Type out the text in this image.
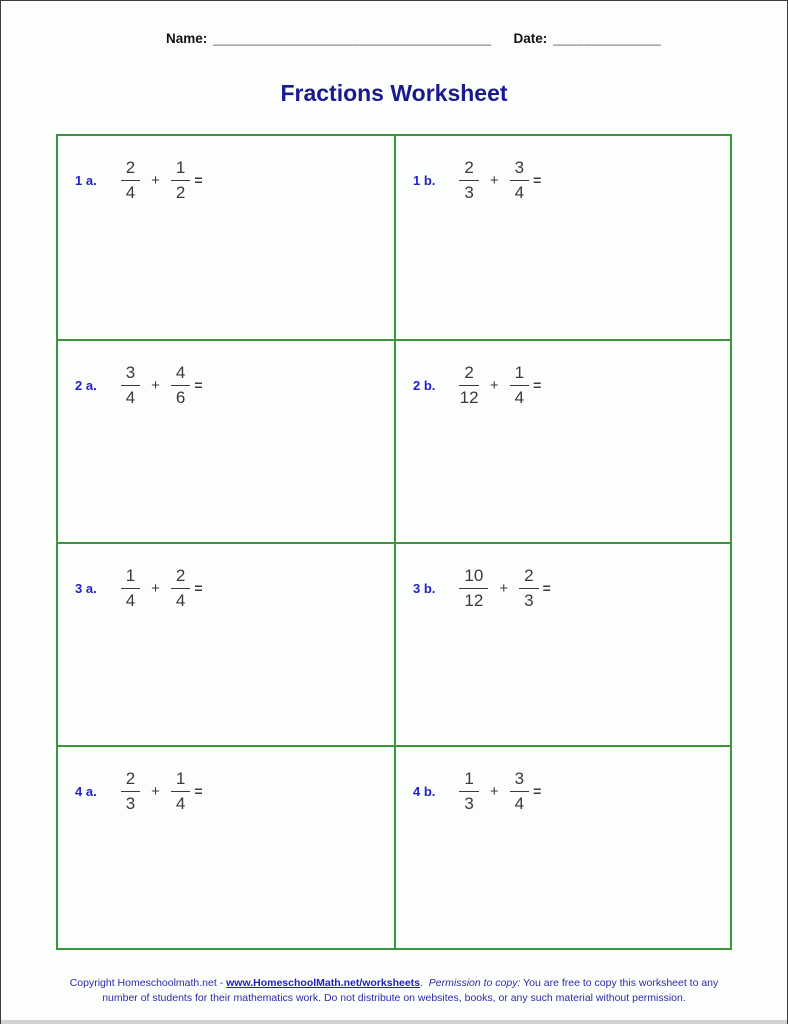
Name: ____________________________________ Date: ______________
Fractions Worksheet
1 a. $\frac{2}{4} + \frac{1}{2}$ =	1 b. $\frac{2}{3} + \frac{3}{4}$ =
2 a. $\frac{3}{4} + \frac{4}{6}$ =	2 b. $\frac{2}{12} + \frac{1}{4}$ =
3 a. $\frac{1}{4} + \frac{2}{4}$ =	3 b. $\frac{10}{12} + \frac{2}{3}$ =
4 a. $\frac{2}{3} + \frac{1}{4}$ =	4 b. $\frac{1}{3} + \frac{3}{4}$ =
Copyright Homeschoolmath.net - www.HomeschoolMath.net/worksheets.  Permission to copy: You are free to copy this worksheet to any number of students for their mathematics work. Do not distribute on websites, books, or any such material without permission.
